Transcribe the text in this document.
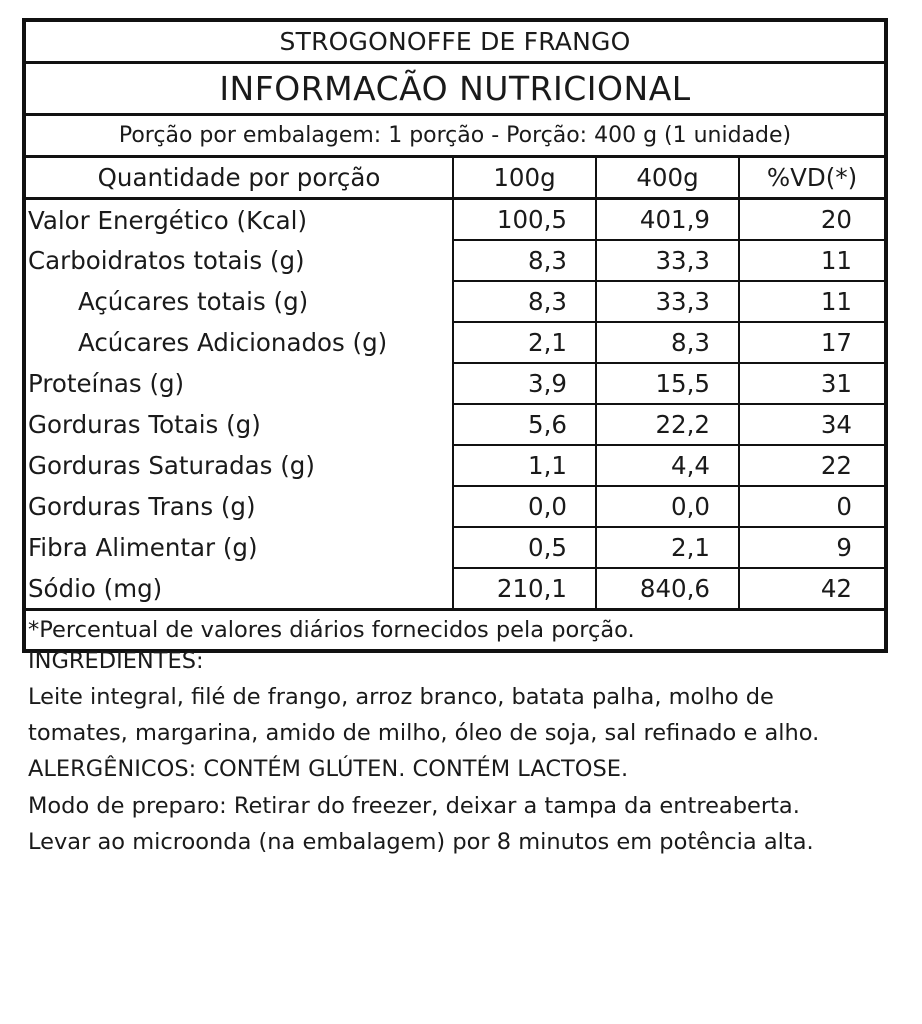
STROGONOFFE DE FRANGO
INFORMACÃO NUTRICIONAL
Porção por embalagem: 1 porção - Porção: 400 g (1 unidade)
Quantidade por porção	100g	400g	%VD(*)
Valor Energético (Kcal)	100,5	401,9	20
Carboidratos totais (g)	8,3	33,3	11
Açúcares totais (g)	8,3	33,3	11
Acúcares Adicionados (g)	2,1	8,3	17
Proteínas (g)	3,9	15,5	31
Gorduras Totais (g)	5,6	22,2	34
Gorduras Saturadas (g)	1,1	4,4	22
Gorduras Trans (g)	0,0	0,0	0
Fibra Alimentar (g)	0,5	2,1	9
Sódio (mg)	210,1	840,6	42
*Percentual de valores diários fornecidos pela porção.

INGREDIENTES:

Leite integral, filé de frango, arroz branco, batata palha, molho de

tomates, margarina, amido de milho, óleo de soja, sal refinado e alho.

ALERGÊNICOS: CONTÉM GLÚTEN. CONTÉM LACTOSE.

Modo de preparo: Retirar do freezer, deixar a tampa da entreaberta.

Levar ao microonda (na embalagem) por 8 minutos em potência alta.
